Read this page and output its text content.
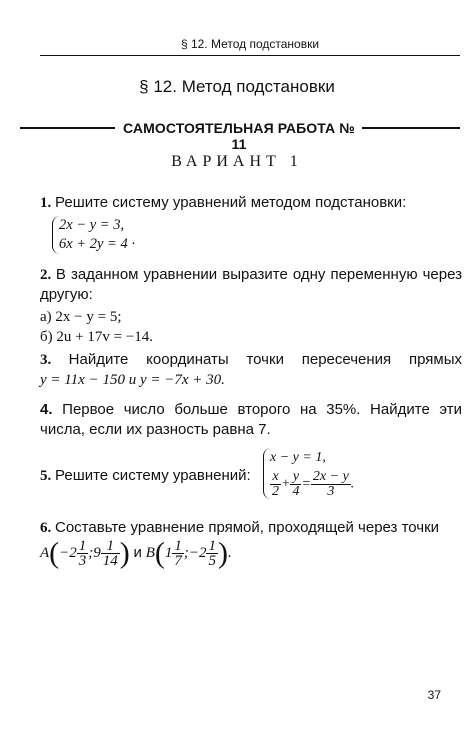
§ 12. Метод подстановки
§ 12. Метод подстановки
САМОСТОЯТЕЛЬНАЯ РАБОТА № 11
ВАРИАНТ 1
1. Решите систему уравнений методом подстановки:
2x − y = 3,
6x + 2y = 4 ·
2. В заданном уравнении выразите одну переменную через другую:
а) 2x − y = 5;
б) 2u + 17v = −14.
3. Найдите координаты точки пересечения прямых
y = 11x − 150 и y = −7x + 30.
4. Первое число больше второго на 35%. Найдите эти числа, если их разность равна 7.
5. Решите систему уравнений:
x − y = 1,
$\frac{x}{2} + \frac{y}{4} = \frac{2x - y}{3}$ .
6. Составьте уравнение прямой, проходящей через точки
$A(-2 \frac{1}{3}$ ;9 $\frac{1}{14}$ ) и $B(1 \frac{1}{7}$ ;−2 $\frac{1}{5}$ ).
37
